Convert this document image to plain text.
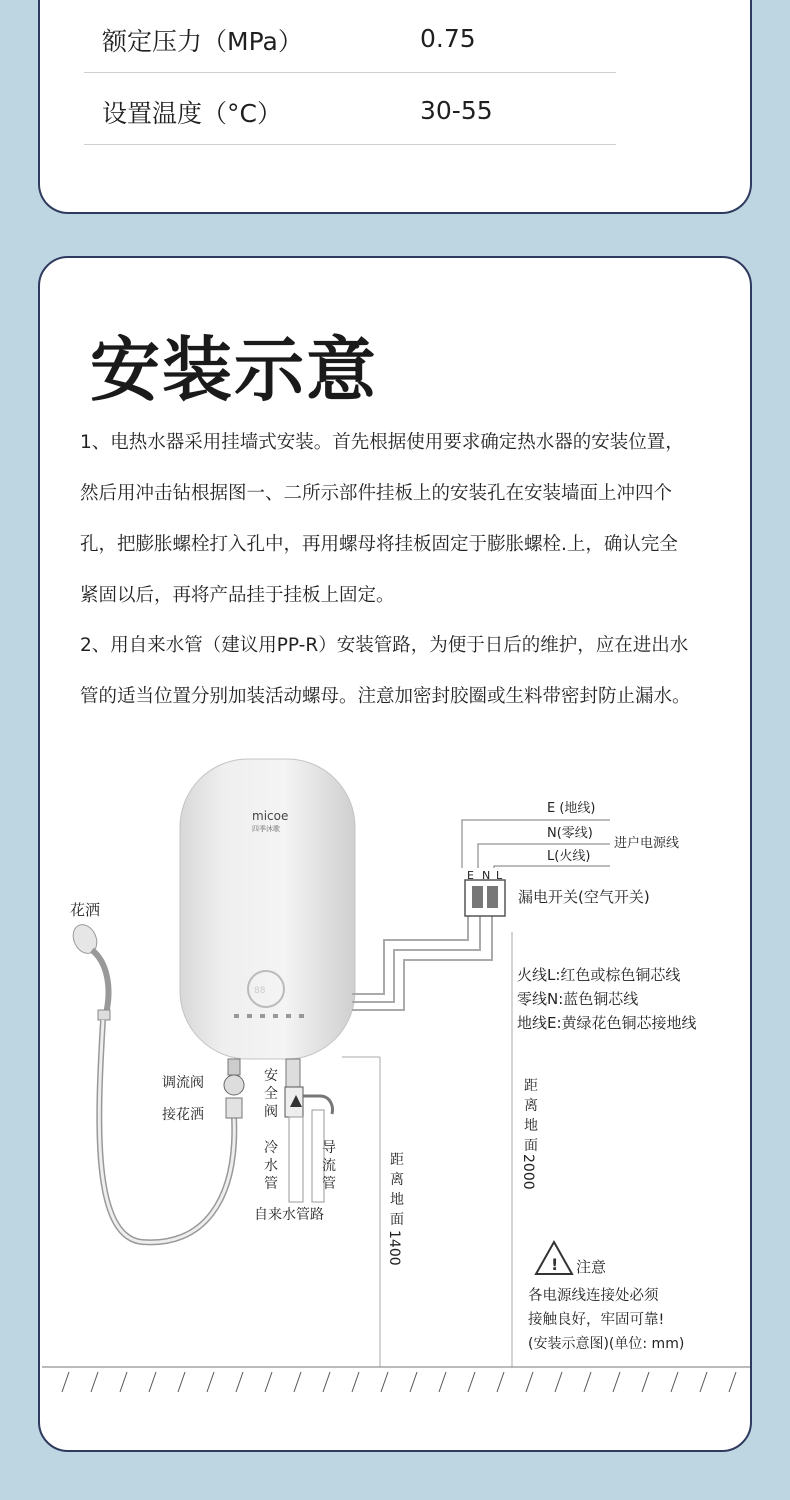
额定压力（MPa）	0.75
设置温度（°C）	30-55
安装示意
1、电热水器采用挂墙式安装。首先根据使用要求确定热水器的安装位置，
然后用冲击钻根据图一、二所示部件挂板上的安装孔在安装墙面上冲四个
孔，把膨胀螺栓打入孔中，再用螺母将挂板固定于膨胀螺栓.上，确认完全
紧固以后，再将产品挂于挂板上固定。
2、用自来水管（建议用PP-R）安装管路，为便于日后的维护，应在进出水
管的适当位置分别加装活动螺母。注意加密封胶圈或生料带密封防止漏水。
micoe
四季沐歌
88
E N L
E (地线)
N(零线)
L(火线)
进户电源线
漏电开关(空气开关)
火线L:红色或棕色铜芯线
零线N:蓝色铜芯线
地线E:黄绿花色铜芯接地线
距
离
地
面
2000
距
离
地
面
1400
花洒
调流阀
接花洒
安
全
阀
冷
水
管
导
流
管
自来水管路
! 注意
各电源线连接处必须
接触良好，牢固可靠!
(安装示意图)(单位: mm)
